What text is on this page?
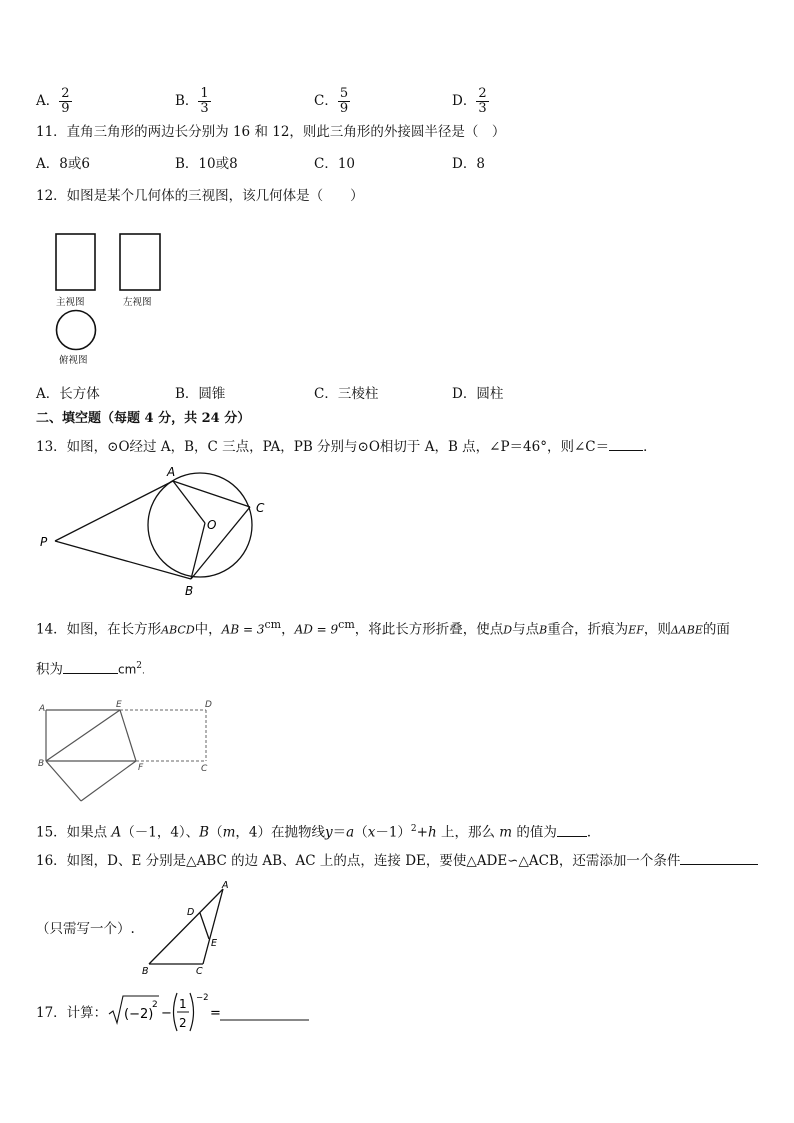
A． $\frac{2}{9}$	B． $\frac{1}{3}$	C． $\frac{5}{9}$	D． $\frac{2}{3}$
11．直角三角形的两边长分别为 16 和 12，则此三角形的外接圆半径是（　）
A．8或6	B．10或8	C．10	D．8
12．如图是某个几何体的三视图，该几何体是（　　）
主视图	左视图
俯视图
A．长方体	B．圆锥	C．三棱柱	D．圆柱
二、填空题（每题 4 分，共 24 分）
13．如图，⊙O经过 A，B，C 三点，PA，PB 分别与⊙O相切于 A，B 点，∠P＝46°，则∠C＝	．
A
C
O
P
B
14．如图，在长方形ABCD中，AB = $3^{cm}$，AD = $9^{cm}$，将此长方形折叠，使点D与点B重合，折痕为EF，则ΔABE的面
积为	$cm^2$.
A	E	D
B	F	C
15．如果点 A（－1，4）、B（m，4）在抛物线$y=a(x-1)^2+h$ 上，那么 m 的值为 ．
16．如图，D、E 分别是△ABC 的边 AB、AC 上的点，连接 DE，要使△ADE∽△ACB，还需添加一个条件
（只需写一个）.
A
D
E
B	C
17．计算： (−2)
2
−
1
2
−2
=
